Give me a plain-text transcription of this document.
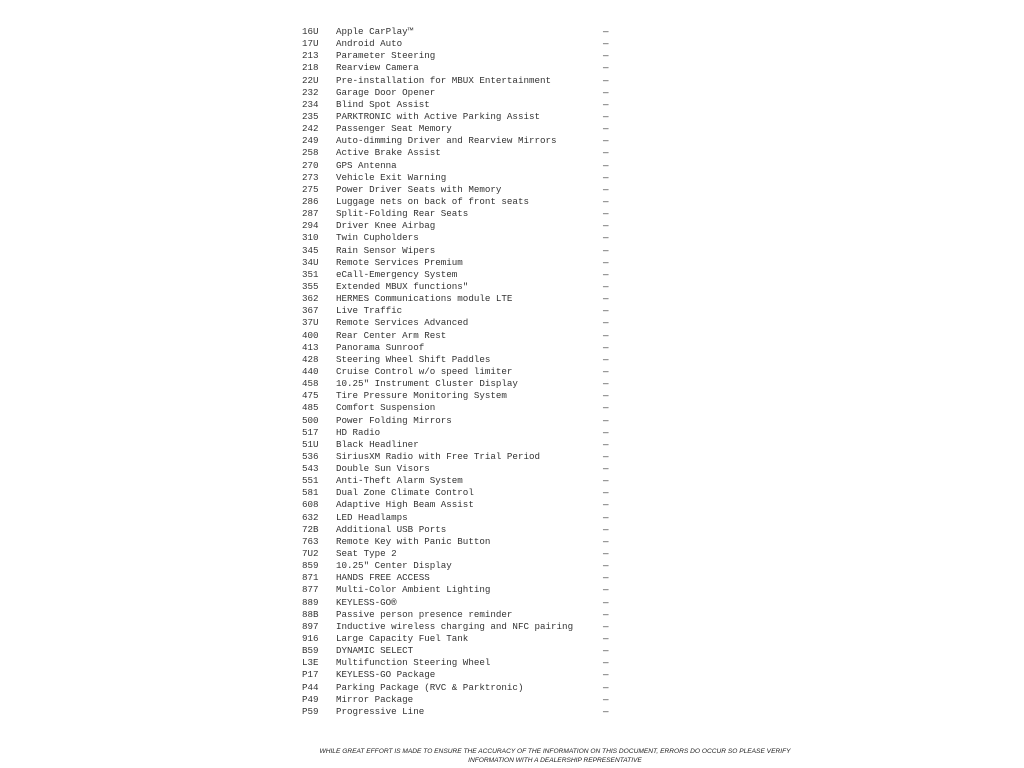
16U Apple CarPlay™	—
17U Android Auto	—
213 Parameter Steering	—
218 Rearview Camera	—
22U Pre-installation for MBUX Entertainment	—
232 Garage Door Opener	—
234 Blind Spot Assist	—
235 PARKTRONIC with Active Parking Assist	—
242 Passenger Seat Memory	—
249 Auto-dimming Driver and Rearview Mirrors	—
258 Active Brake Assist	—
270 GPS Antenna	—
273 Vehicle Exit Warning	—
275 Power Driver Seats with Memory	—
286 Luggage nets on back of front seats	—
287 Split-Folding Rear Seats	—
294 Driver Knee Airbag	—
310 Twin Cupholders	—
345 Rain Sensor Wipers	—
34U Remote Services Premium	—
351 eCall-Emergency System	—
355 Extended MBUX functions"	—
362 HERMES Communications module LTE	—
367 Live Traffic	—
37U Remote Services Advanced	—
400 Rear Center Arm Rest	—
413 Panorama Sunroof	—
428 Steering Wheel Shift Paddles	—
440 Cruise Control w/o speed limiter	—
458 10.25" Instrument Cluster Display	—
475 Tire Pressure Monitoring System	—
485 Comfort Suspension	—
500 Power Folding Mirrors	—
517 HD Radio	—
51U Black Headliner	—
536 SiriusXM Radio with Free Trial Period	—
543 Double Sun Visors	—
551 Anti-Theft Alarm System	—
581 Dual Zone Climate Control	—
608 Adaptive High Beam Assist	—
632 LED Headlamps	—
72B Additional USB Ports	—
763 Remote Key with Panic Button	—
7U2 Seat Type 2	—
859 10.25" Center Display	—
871 HANDS FREE ACCESS	—
877 Multi-Color Ambient Lighting	—
889 KEYLESS-GO®	—
88B Passive person presence reminder	—
897 Inductive wireless charging and NFC pairing	—
916 Large Capacity Fuel Tank	—
B59 DYNAMIC SELECT	—
L3E Multifunction Steering Wheel	—
P17 KEYLESS-GO Package	—
P44 Parking Package (RVC & Parktronic)	—
P49 Mirror Package	—
P59 Progressive Line	—
WHILE GREAT EFFORT IS MADE TO ENSURE THE ACCURACY OF THE INFORMATION ON THIS DOCUMENT, ERRORS DO OCCUR SO PLEASE VERIFY INFORMATION WITH A DEALERSHIP REPRESENTATIVE
